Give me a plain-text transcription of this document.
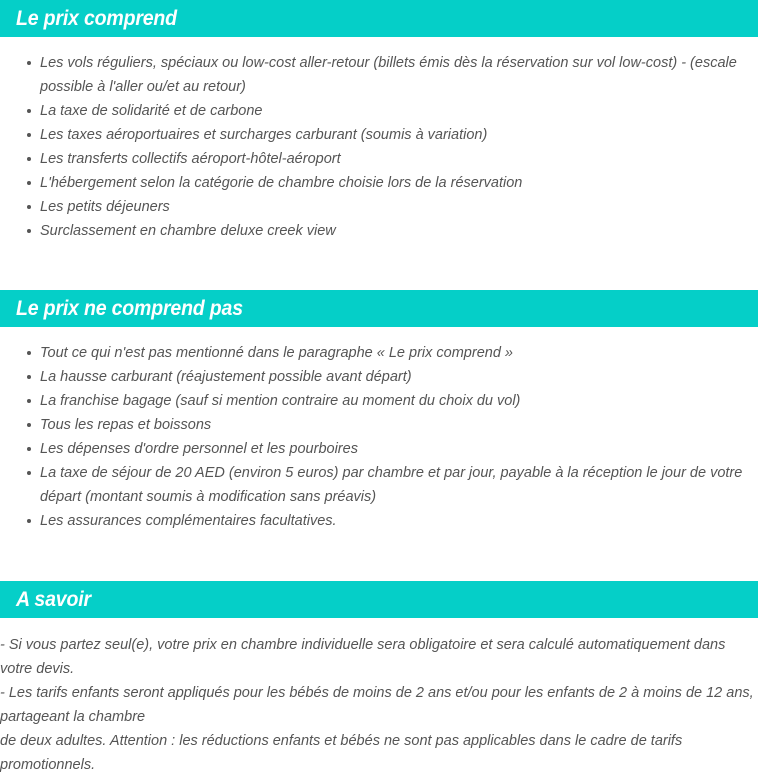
Le prix comprend
Les vols réguliers, spéciaux ou low-cost aller-retour (billets émis dès la réservation sur vol low-cost) - (escale possible à l'aller ou/et au retour)
La taxe de solidarité et de carbone
Les taxes aéroportuaires et surcharges carburant (soumis à variation)
Les transferts collectifs aéroport-hôtel-aéroport
L'hébergement selon la catégorie de chambre choisie lors de la réservation
Les petits déjeuners
Surclassement en chambre deluxe creek view
Le prix ne comprend pas
Tout ce qui n'est pas mentionné dans le paragraphe « Le prix comprend »
La hausse carburant (réajustement possible avant départ)
La franchise bagage (sauf si mention contraire au moment du choix du vol)
Tous les repas et boissons
Les dépenses d'ordre personnel et les pourboires
La taxe de séjour de 20 AED (environ 5 euros) par chambre et par jour, payable à la réception le jour de votre départ (montant soumis à modification sans préavis)
Les assurances complémentaires facultatives.
A savoir

- Si vous partez seul(e), votre prix en chambre individuelle sera obligatoire et sera calculé automatiquement dans votre devis.

- Les tarifs enfants seront appliqués pour les bébés de moins de 2 ans et/ou pour les enfants de 2 à moins de 12 ans, partageant la chambre

de deux adultes. Attention : les réductions enfants et bébés ne sont pas applicables dans le cadre de tarifs promotionnels.
